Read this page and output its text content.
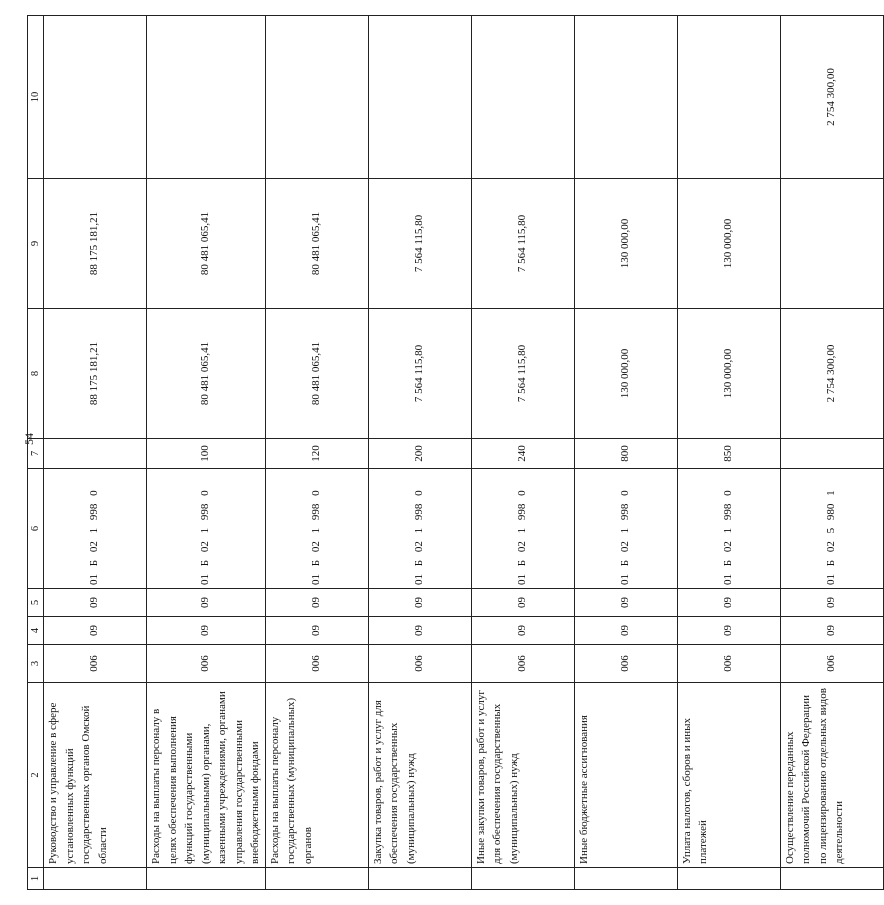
54
1	2	3	4	5	6	7	8	9	10
	Руководство и управление в сфере установленных функций государственных органов Омской области	006	09	09	01 Б 02 1 998 0		88 175 181,21	88 175 181,21	
	Расходы на выплаты персоналу в целях обеспечения выполнения функций государственными (муниципальными) органами, казенными учреждениями, органами управления государственными внебюджетными фондами	006	09	09	01 Б 02 1 998 0	100	80 481 065,41	80 481 065,41	
	Расходы на выплаты персоналу государственных (муниципальных) органов	006	09	09	01 Б 02 1 998 0	120	80 481 065,41	80 481 065,41	
	Закупка товаров, работ и услуг для обеспечения государственных (муниципальных) нужд	006	09	09	01 Б 02 1 998 0	200	7 564 115,80	7 564 115,80	
	Иные закупки товаров, работ и услуг для обеспечения государственных (муниципальных) нужд	006	09	09	01 Б 02 1 998 0	240	7 564 115,80	7 564 115,80	
	Иные бюджетные ассигнования	006	09	09	01 Б 02 1 998 0	800	130 000,00	130 000,00	
	Уплата налогов, сборов и иных платежей	006	09	09	01 Б 02 1 998 0	850	130 000,00	130 000,00	
	Осуществление переданных полномочий Российской Федерации по лицензированию отдельных видов деятельности	006	09	09	01 Б 02 5 980 1		2 754 300,00		2 754 300,00
